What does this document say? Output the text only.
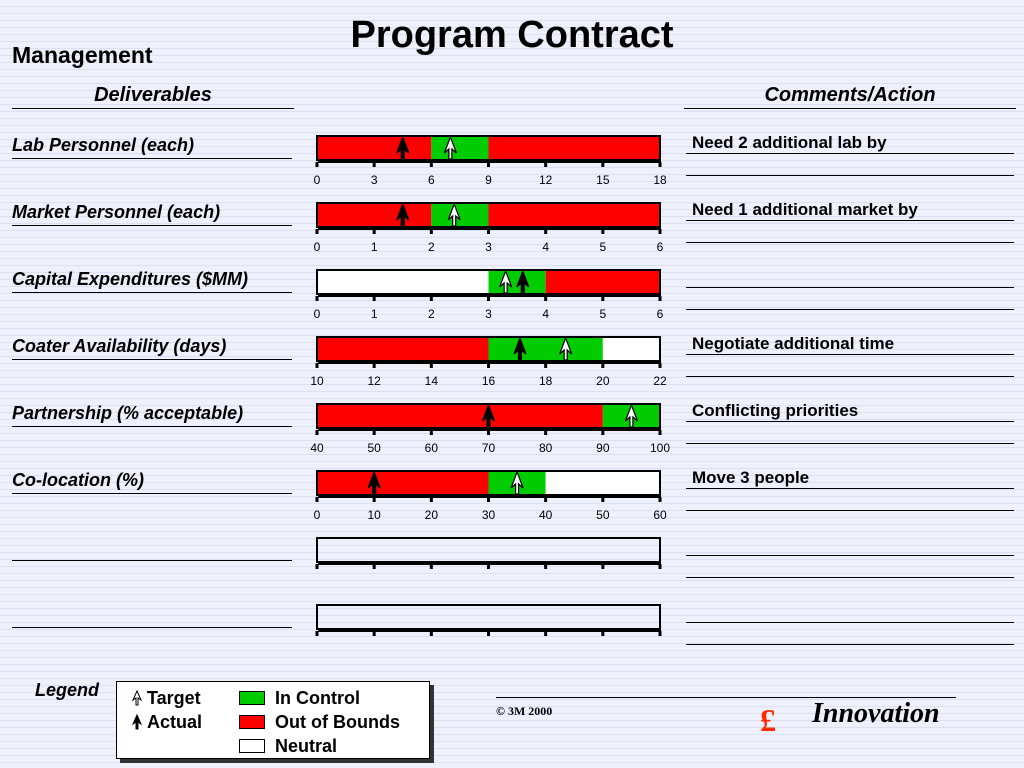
Program Contract
Management
Deliverables	Comments/Action
Lab Personnel (each)	Need 2 additional lab by
Market Personnel (each)	Need 1 additional market by
Capital Expenditures ($MM)
Coater Availability (days)	Negotiate additional time
Partnership (% acceptable)	Conflicting priorities
Co-location (%)	Move 3 people
0	3	6	9	12	15	18
0	1	2	3	4	5	6
0	1	2	3	4	5	6
10	12	14	16	18	20	22
40	50	60	70	80	90	100
0	10	20	30	40	50	60
Legend	Target
Actual
In Control
Out of Bounds
Neutral
© 3M 2000	£ Innovation
